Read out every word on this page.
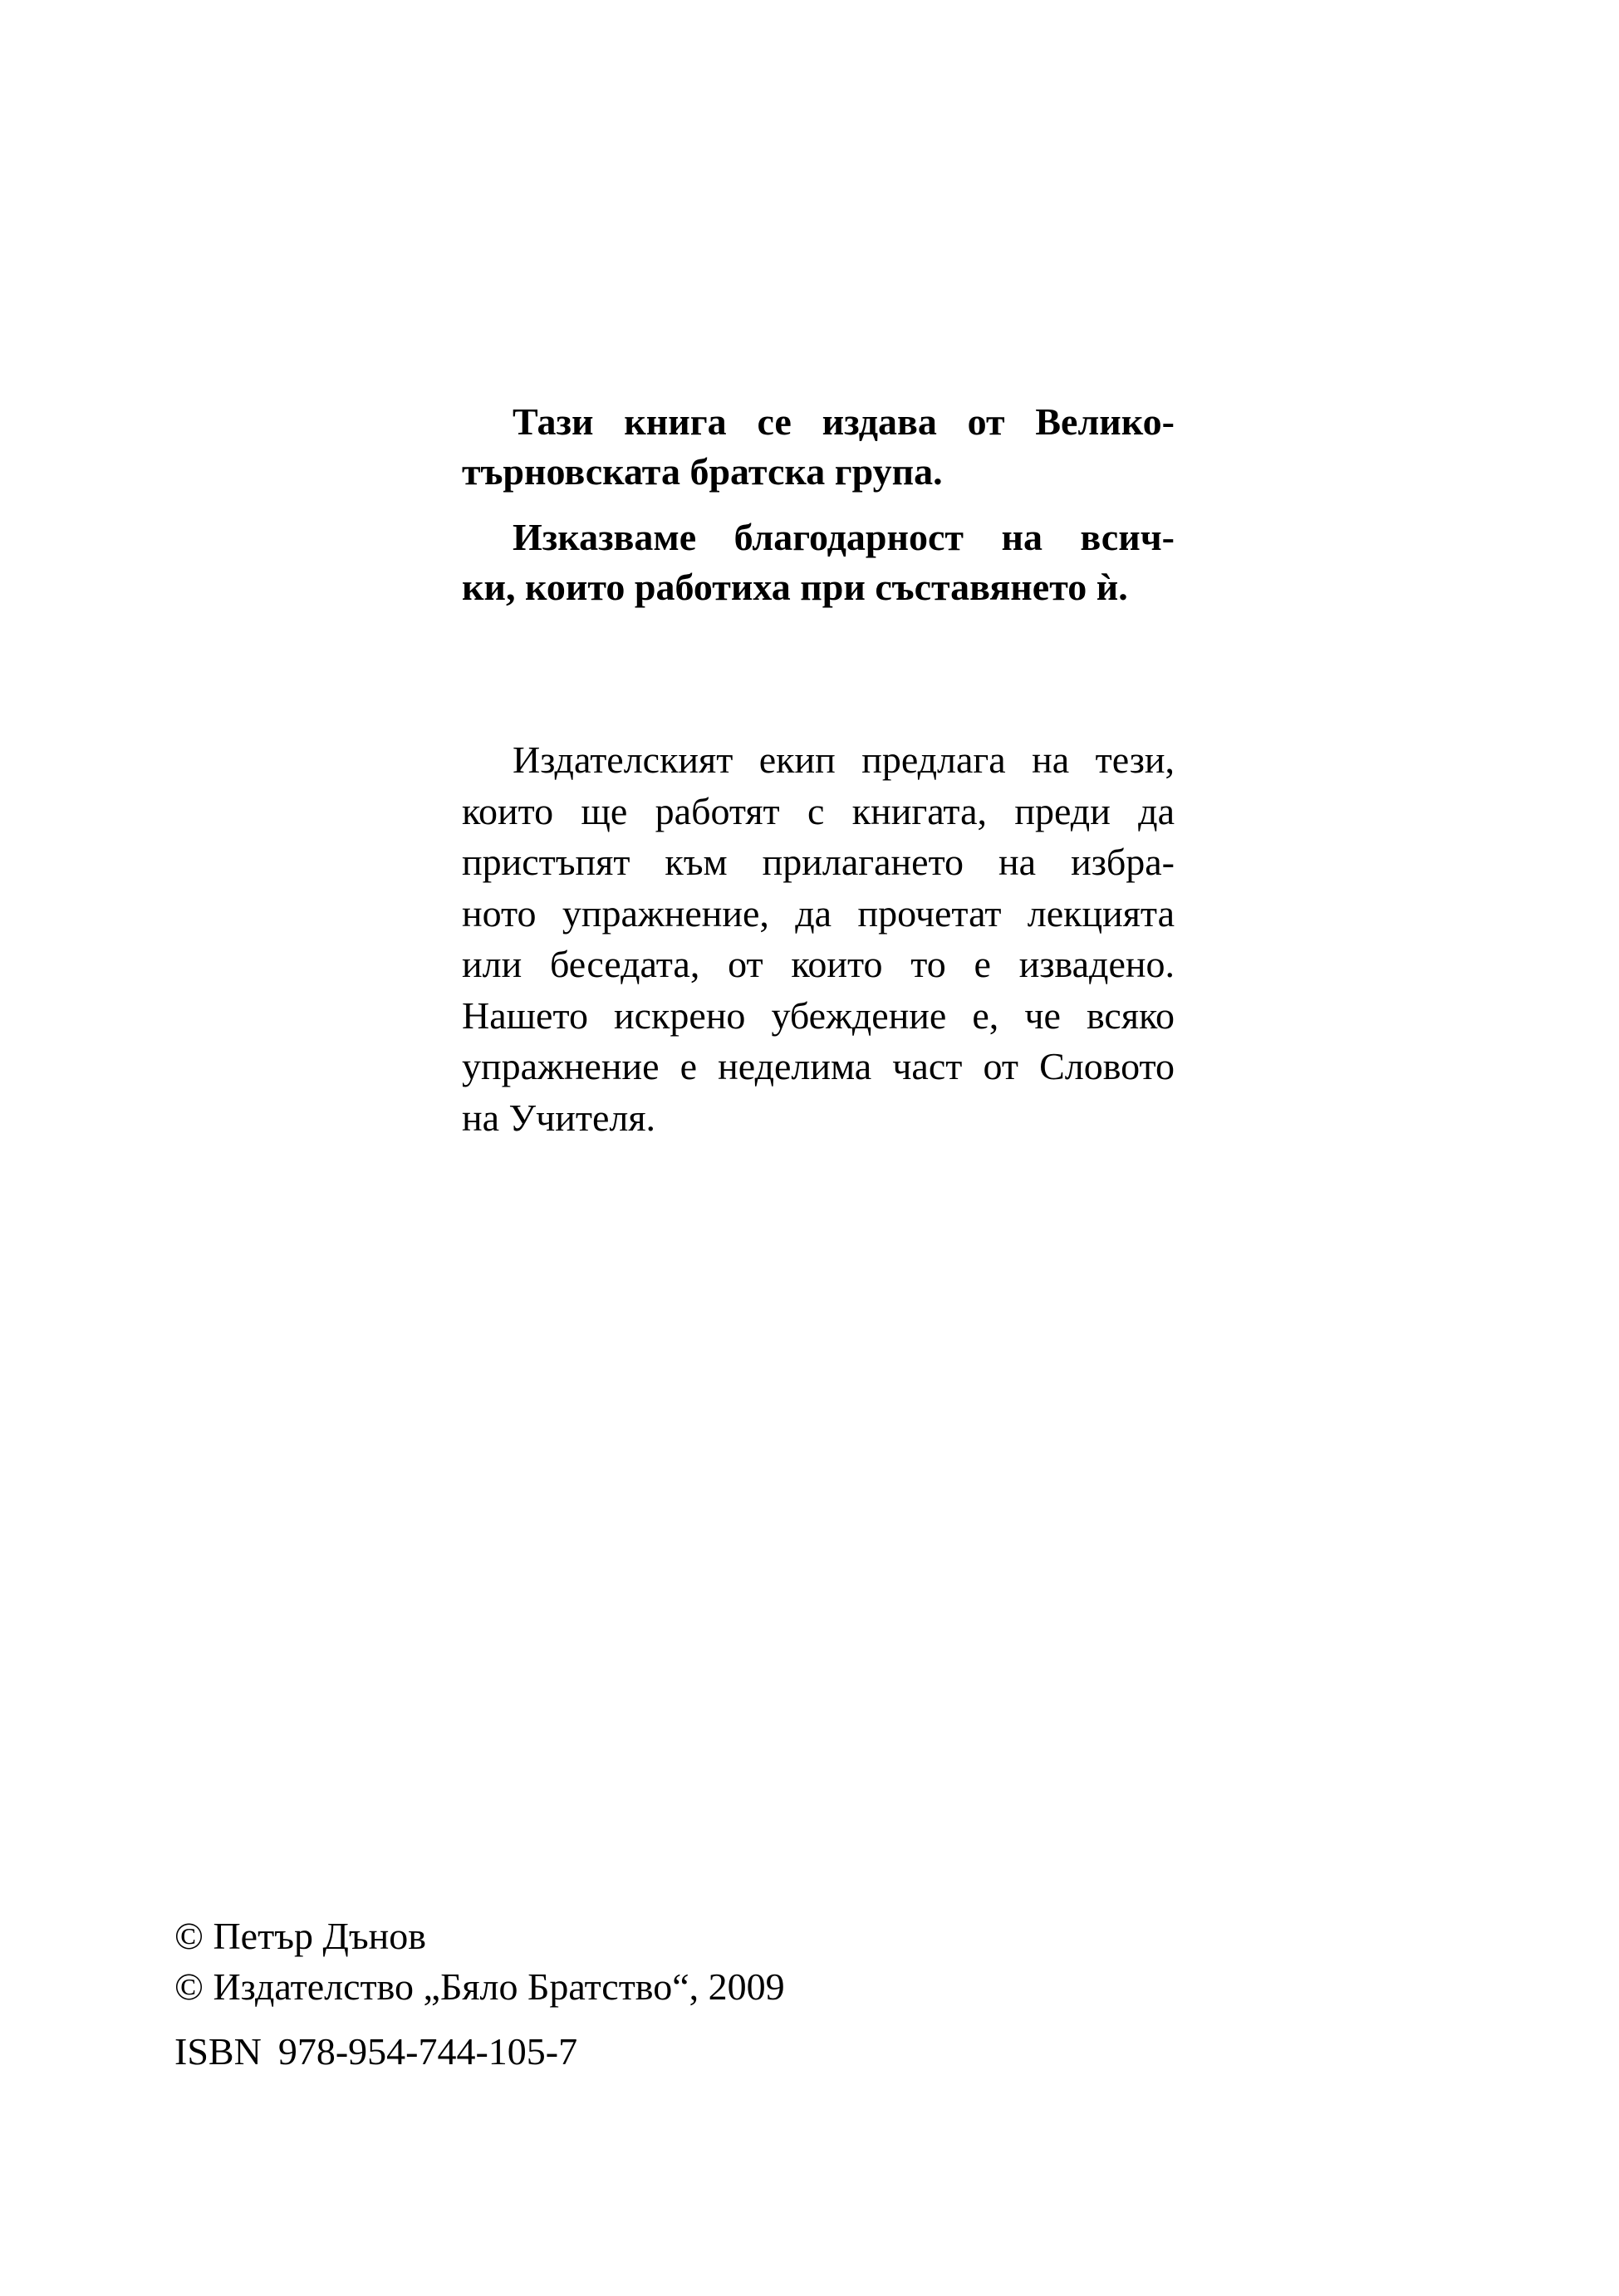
Тази книга се издава от Велико-
търновската братска група.

Изказваме благодарност на всич-
ки, които работиха при съставянето ѝ.

Издателският екип предлага на тези,
които ще работят с книгата, преди да
пристъпят към прилагането на избра-
ното упражнение, да прочетат лекцията
или беседата, от които то е извадено.
Нашето искрено убеждение е, че всяко
упражнение е неделима част от Словото
на Учителя.

© Петър Дънов
© Издателство „Бяло Братство“, 2009
ISBN 978-954-744-105-7
